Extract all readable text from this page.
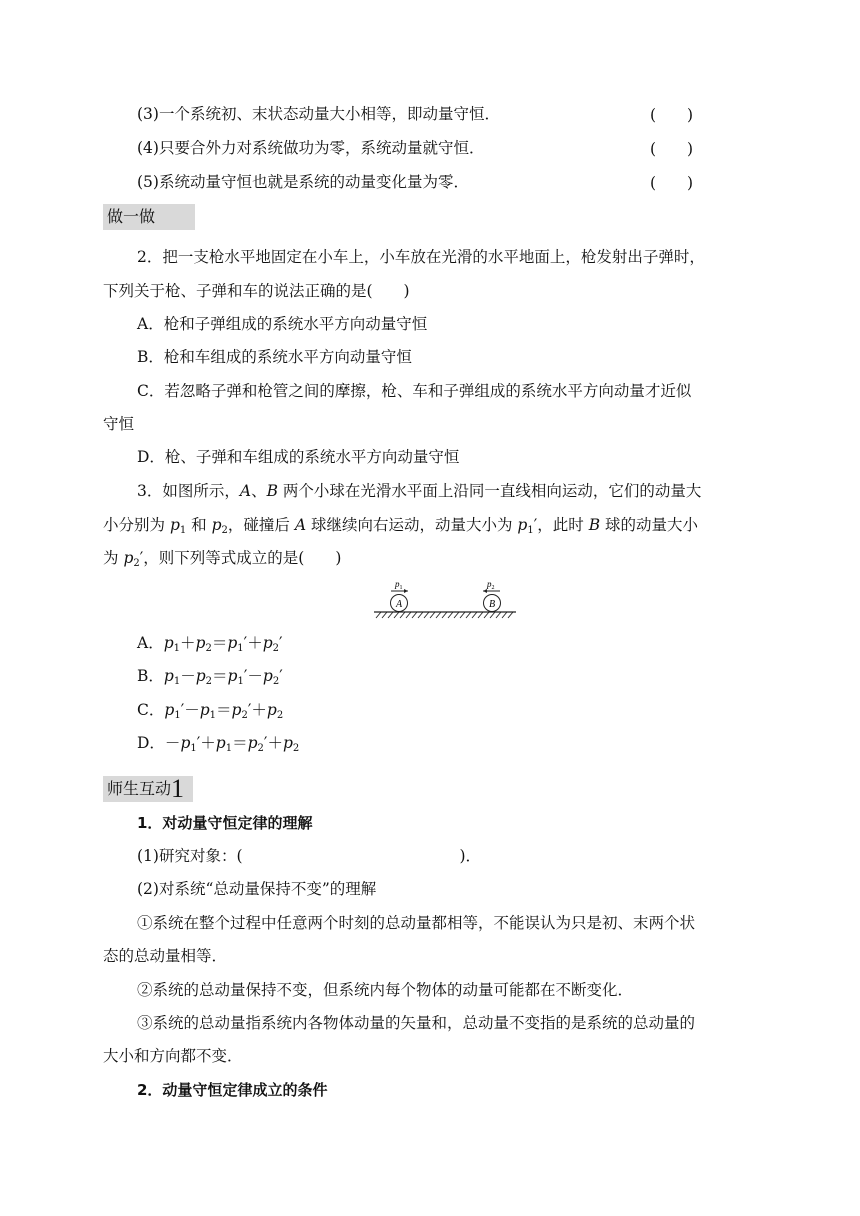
(3)一个系统初、末状态动量大小相等，即动量守恒．	(　　)
(4)只要合外力对系统做功为零，系统动量就守恒．	(　　)
(5)系统动量守恒也就是系统的动量变化量为零．	(　　)
做一做
2．把一支枪水平地固定在小车上，小车放在光滑的水平地面上，枪发射出子弹时，
下列关于枪、子弹和车的说法正确的是(　　)
A．枪和子弹组成的系统水平方向动量守恒
B．枪和车组成的系统水平方向动量守恒
C．若忽略子弹和枪管之间的摩擦，枪、车和子弹组成的系统水平方向动量才近似
守恒
D．枪、子弹和车组成的系统水平方向动量守恒
3．如图所示，A、B 两个小球在光滑水平面上沿同一直线相向运动，它们的动量大
小分别为 $p_1$ 和 $p_2$，碰撞后 A 球继续向右运动，动量大小为 $p_1'$，此时 B 球的动量大小
为 $p_2'$，则下列等式成立的是(　　)
A	B
$p_1$	$p_2$
A．$p_1+p_2=p_1'+p_2'$
B．$p_1-p_2=p_1'-p_2'$
C．$p_1'-p_1=p_2'+p_2$
D．$-p_1'+p_1=p_2'+p_2$
师生互动1
1．对动量守恒定律的理解
(1)研究对象：(　　　　　　　　　　　　　　)．
(2)对系统“总动量保持不变”的理解
①系统在整个过程中任意两个时刻的总动量都相等，不能误认为只是初、末两个状
态的总动量相等．
②系统的总动量保持不变，但系统内每个物体的动量可能都在不断变化．
③系统的总动量指系统内各物体动量的矢量和，总动量不变指的是系统的总动量的
大小和方向都不变．
2．动量守恒定律成立的条件
